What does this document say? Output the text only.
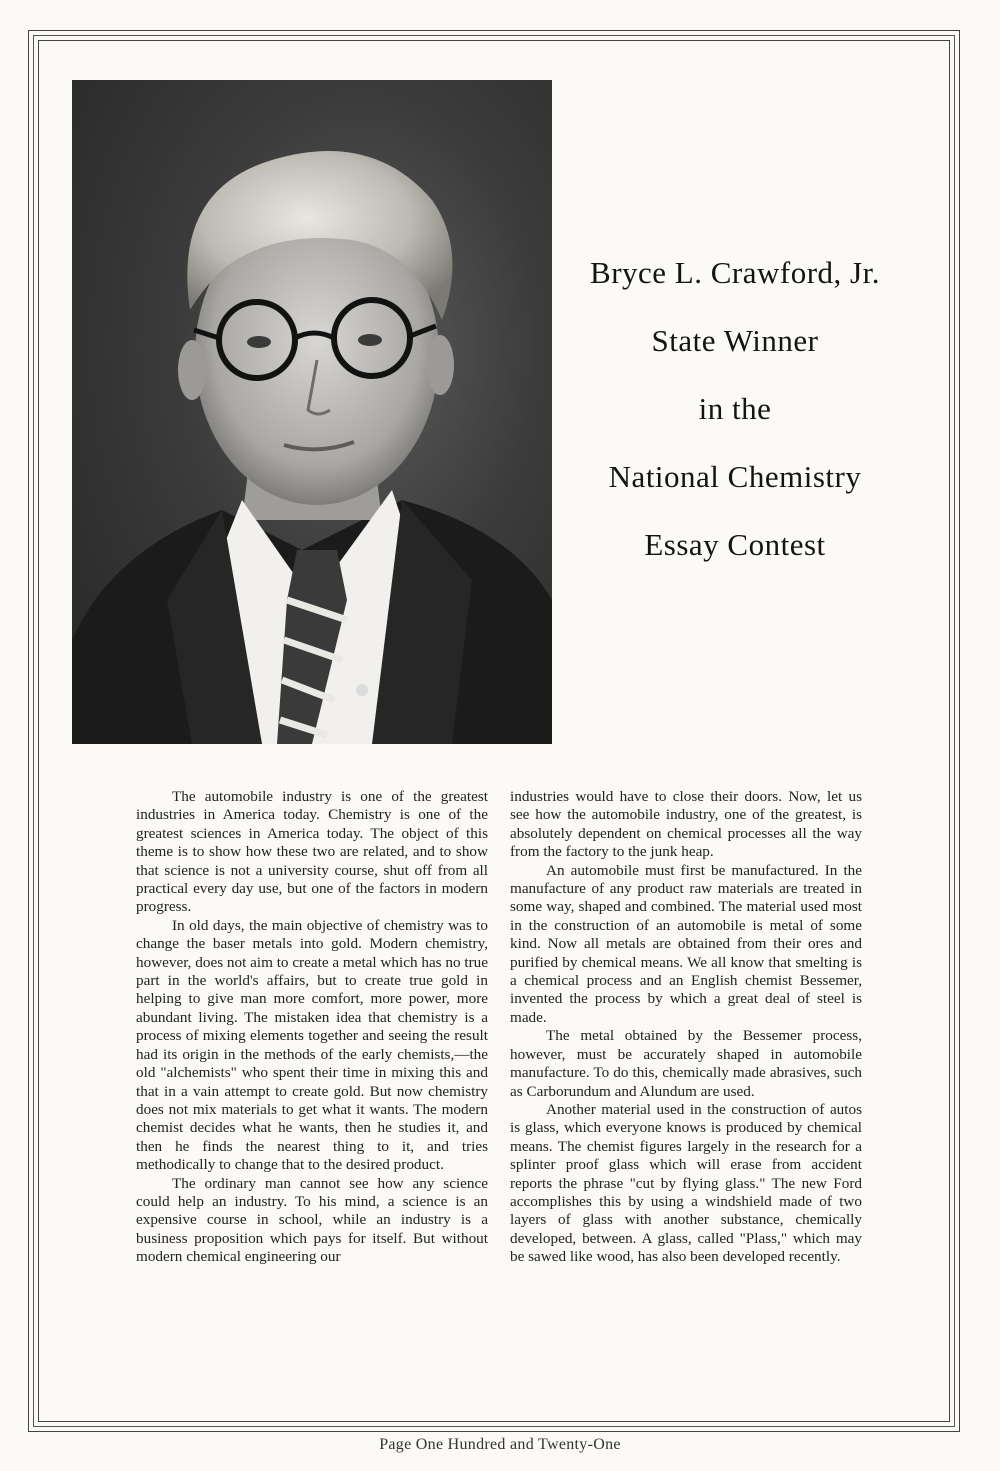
Bryce L. Crawford, Jr.
State Winner
in the
National Chemistry
Essay Contest

The automobile industry is one of the greatest industries in America today. Chemistry is one of the greatest sciences in America today. The object of this theme is to show how these two are related, and to show that science is not a university course, shut off from all practical every day use, but one of the factors in modern progress.

In old days, the main objective of chemistry was to change the baser metals into gold. Modern chemistry, however, does not aim to create a metal which has no true part in the world's affairs, but to create true gold in helping to give man more comfort, more power, more abundant living. The mistaken idea that chemistry is a process of mixing elements together and seeing the result had its origin in the methods of the early chemists,—the old "alchemists" who spent their time in mixing this and that in a vain attempt to create gold. But now chemistry does not mix materials to get what it wants. The modern chemist decides what he wants, then he studies it, and then he finds the nearest thing to it, and tries methodically to change that to the desired product.

The ordinary man cannot see how any science could help an industry. To his mind, a science is an expensive course in school, while an industry is a business proposition which pays for itself. But without modern chemical engineering our

industries would have to close their doors. Now, let us see how the automobile industry, one of the greatest, is absolutely dependent on chemical processes all the way from the factory to the junk heap.

An automobile must first be manufactured. In the manufacture of any product raw materials are treated in some way, shaped and combined. The material used most in the construction of an automobile is metal of some kind. Now all metals are obtained from their ores and purified by chemical means. We all know that smelting is a chemical process and an English chemist Bessemer, invented the process by which a great deal of steel is made.

The metal obtained by the Bessemer process, however, must be accurately shaped in automobile manufacture. To do this, chemically made abrasives, such as Carborundum and Alundum are used.

Another material used in the construction of autos is glass, which everyone knows is produced by chemical means. The chemist figures largely in the research for a splinter proof glass which will erase from accident reports the phrase "cut by flying glass." The new Ford accomplishes this by using a windshield made of two layers of glass with another substance, chemically developed, between. A glass, called "Plass," which may be sawed like wood, has also been developed recently.

Page One Hundred and Twenty-One
